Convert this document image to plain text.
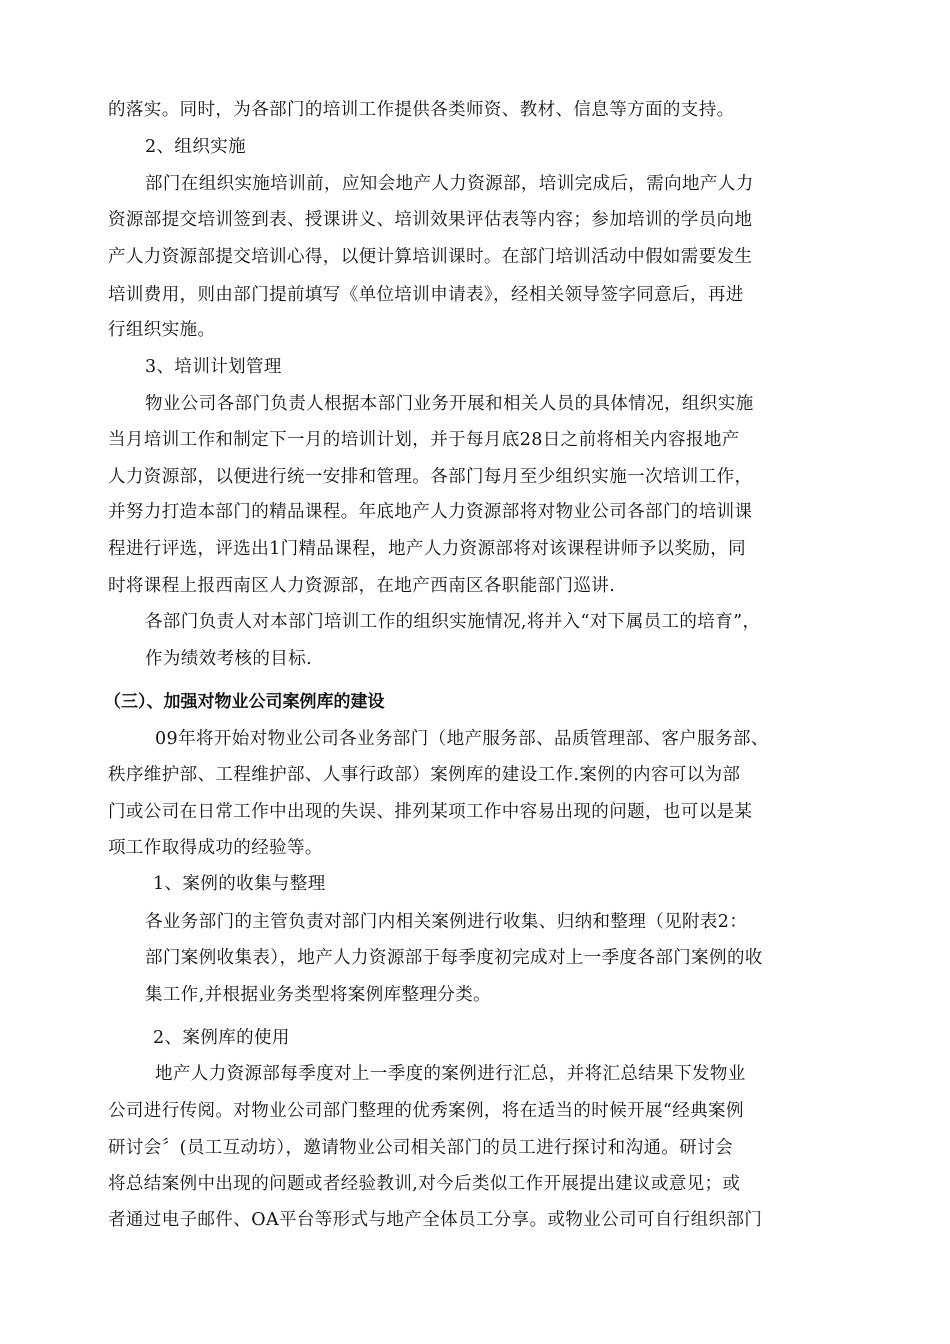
的落实。同时，为各部门的培训工作提供各类师资、教材、信息等方面的支持。
2、组织实施
部门在组织实施培训前，应知会地产人力资源部，培训完成后，需向地产人力
资源部提交培训签到表、授课讲义、培训效果评估表等内容；参加培训的学员向地
产人力资源部提交培训心得，以便计算培训课时。在部门培训活动中假如需要发生
培训费用，则由部门提前填写《单位培训申请表》，经相关领导签字同意后，再进
行组织实施。
3、培训计划管理
物业公司各部门负责人根据本部门业务开展和相关人员的具体情况，组织实施
当月培训工作和制定下一月的培训计划，并于每月底28日之前将相关内容报地产
人力资源部，以便进行统一安排和管理。各部门每月至少组织实施一次培训工作，
并努力打造本部门的精品课程。年底地产人力资源部将对物业公司各部门的培训课
程进行评选，评选出1门精品课程，地产人力资源部将对该课程讲师予以奖励，同
时将课程上报西南区人力资源部，在地产西南区各职能部门巡讲.
各部门负责人对本部门培训工作的组织实施情况,将并入“对下属员工的培育”，
作为绩效考核的目标.
（三）、加强对物业公司案例库的建设
09年将开始对物业公司各业务部门（地产服务部、品质管理部、客户服务部、
秩序维护部、工程维护部、人事行政部）案例库的建设工作.案例的内容可以为部
门或公司在日常工作中出现的失误、排列某项工作中容易出现的问题，也可以是某
项工作取得成功的经验等。
1、案例的收集与整理
各业务部门的主管负责对部门内相关案例进行收集、归纳和整理（见附表2：
部门案例收集表），地产人力资源部于每季度初完成对上一季度各部门案例的收
集工作,并根据业务类型将案例库整理分类。
2、案例库的使用
地产人力资源部每季度对上一季度的案例进行汇总，并将汇总结果下发物业
公司进行传阅。对物业公司部门整理的优秀案例，将在适当的时候开展“经典案例
研讨会〞(员工互动坊），邀请物业公司相关部门的员工进行探讨和沟通。研讨会
将总结案例中出现的问题或者经验教训,对今后类似工作开展提出建议或意见；或
者通过电子邮件、OA平台等形式与地产全体员工分享。或物业公司可自行组织部门
